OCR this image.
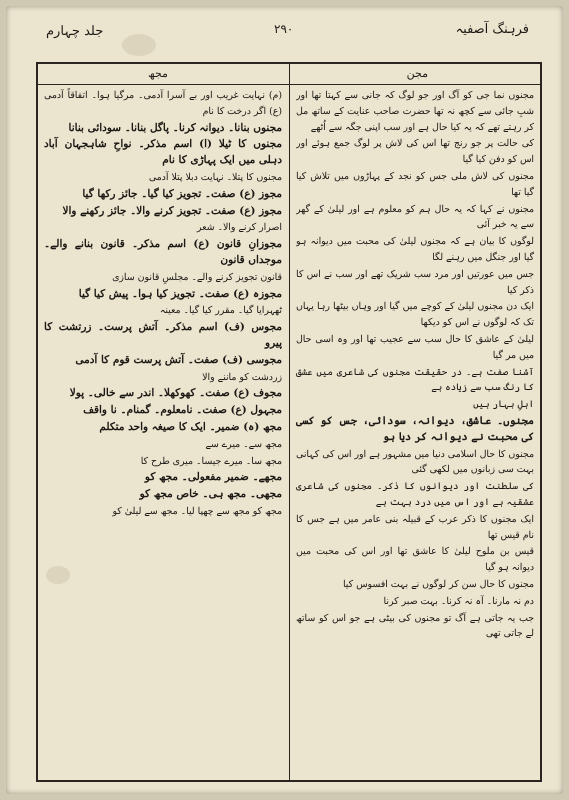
فرہنگ آصفیہ
۲۹۰
جلد چہارم
مجن
مجھ

مجنوں نما جی کو آگ اور جو لوگ کہ جانی سے کہتا تھا اور شبِ جائی سے کچھ نہ تھا حضرت صاحب عنایت کے ساتھ مل کر رہتے تھے کہ یہ کیا حال ہے اور سب اپنی جگہ سے اُٹھے

کی حالت پر جو رنج تھا اس کی لاش پر لوگ جمع ہوئے اور اس کو دفن کیا گیا

مجنوں کی لاش ملی جس کو نجد کے پہاڑوں میں تلاش کیا گیا تھا

مجنوں نے کہا کہ یہ حال ہم کو معلوم ہے اور لیلیٰ کے گھر سے یہ خبر آئی

لوگوں کا بیان ہے کہ مجنوں لیلیٰ کی محبت میں دیوانہ ہو گیا اور جنگل میں رہنے لگا

جس میں عورتیں اور مرد سب شریک تھے اور سب نے اس کا ذکر کیا

ایک دن مجنوں لیلیٰ کے کوچے میں گیا اور وہاں بیٹھا رہا یہاں تک کہ لوگوں نے اس کو دیکھا

لیلیٰ کے عاشق کا حال سب سے عجیب تھا اور وہ اسی حال میں مر گیا

آشنا صفت ہے۔ در حقیقت مجنوں کی شاعری میں عشق کا رنگ سب سے زیادہ ہے

اہلِ بہار ہیں

مجنوں۔ عاشق، دیوانہ، سودائی، جس کو کسی کی محبت نے دیوانہ کر دیا ہو

مجنوں کا حال اسلامی دنیا میں مشہور ہے اور اس کی کہانی بہت سی زبانوں میں لکھی گئی

کی سلطنت اور دیوانوں کا ذکر۔ مجنوں کی شاعری عشقیہ ہے اور اس میں درد بہت ہے

ایک مجنوں کا ذکر عرب کے قبیلہ بنی عامر میں ہے جس کا نام قیس تھا

قیس بن ملوح لیلیٰ کا عاشق تھا اور اس کی محبت میں دیوانہ ہو گیا

مجنوں کا حال سن کر لوگوں نے بہت افسوس کیا

دم نہ مارنا۔ آہ نہ کرنا۔ بہت صبر کرنا

جب یہ جاتی ہے آگ تو مجنوں کی بیٹی ہے جو اس کو ساتھ لے جاتی تھی

(م) نہایت غریب اور بے آسرا آدمی۔ مرگیا ہوا۔ اتفاقاً آدمی (ع) اگر درخت کا نام

مجنوں بنانا۔ دیوانہ کرنا۔ پاگل بنانا۔ سودائی بنانا

مجنوں کا ٹیلا (ا) اسم مذکر۔ نواحِ شاہجہان آباد دہلی میں ایک پہاڑی کا نام

مجنوں کا پتلا۔ نہایت دبلا پتلا آدمی

مجوز (ع) صفت۔ تجویز کیا گیا۔ جائز رکھا گیا

مجوز (ع) صفت۔ تجویز کرنے والا۔ جائز رکھنے والا

اصرار کرنے والا۔ شعر

مجوزانِ قانون (ع) اسم مذکر۔ قانون بنانے والے۔ موجداں قانون

قانون تجویز کرنے والے۔ مجلسِ قانون سازی

مجوزہ (ع) صفت۔ تجویز کیا ہوا۔ پیش کیا گیا

ٹھہرایا گیا۔ مقرر کیا گیا۔ معینہ

مجوس (ف) اسم مذکر۔ آتش پرست۔ زرتشت کا پیرو

مجوسی (ف) صفت۔ آتش پرست قوم کا آدمی

زردشت کو ماننے والا

مجوف (ع) صفت۔ کھوکھلا۔ اندر سے خالی۔ پولا

مجہول (ع) صفت۔ نامعلوم۔ گمنام۔ نا واقف

مجھ (ہ) ضمیر۔ ایک کا صیغہ واحد متکلم

مجھ سے۔ میرے سے

مجھ سا۔ میرے جیسا۔ میری طرح کا

مجھے۔ ضمیر مفعولی۔ مجھ کو

مجھی۔ مجھ ہی۔ خاص مجھ کو

مجھ کو مجھ سے چھپا لیا۔ مجھ سے لیلیٰ کو
